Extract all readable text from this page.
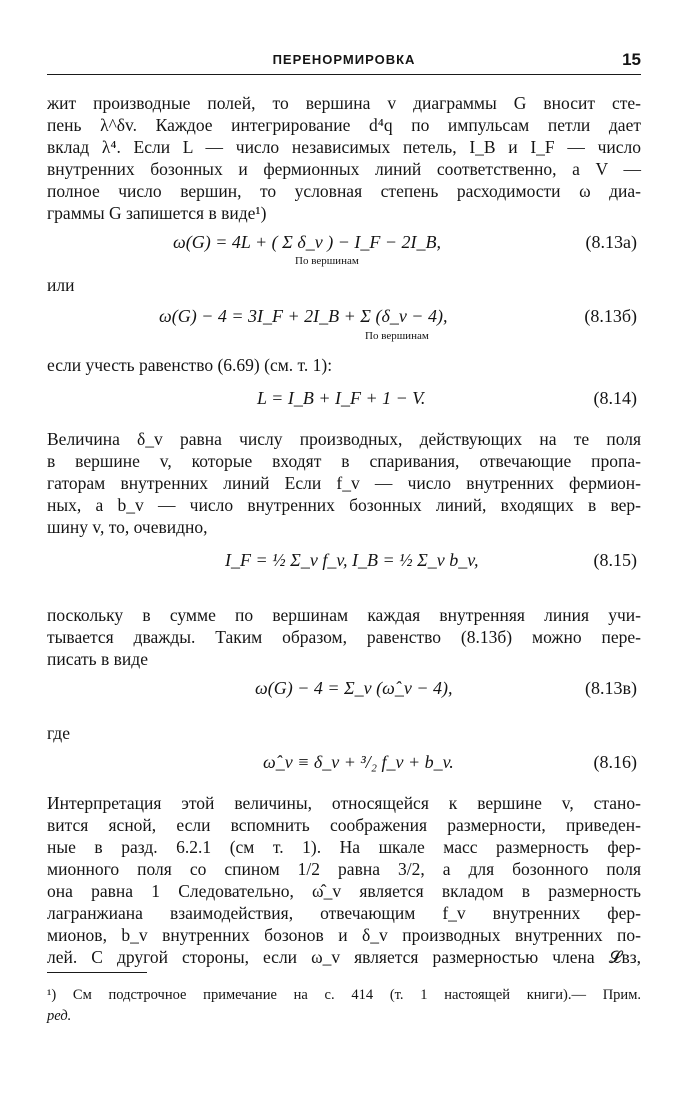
ПЕРЕНОРМИРОВКА	15
жит производные полей, то вершина v диаграммы G вносит сте-
пень λ^δv. Каждое интегрирование d⁴q по импульсам петли дает
вклад λ⁴. Если L — число независимых петель, I_B и I_F — число
внутренних бозонных и фермионных линий соответственно, а V —
полное число вершин, то условная степень расходимости ω диа-
граммы G запишется в виде¹)
ω(G) = 4L + ( Σ δ_v ) − I_F − 2I_B,
По вершинам
(8.13а)
или
ω(G) − 4 = 3I_F + 2I_B + Σ (δ_v − 4),
По вершинам
(8.13б)
если учесть равенство (6.69) (см. т. 1):
L = I_B + I_F + 1 − V.	(8.14)
Величина δ_v равна числу производных, действующих на те поля
в вершине v, которые входят в спаривания, отвечающие пропа-
гаторам внутренних линий Если f_v — число внутренних фермион-
ных, а b_v — число внутренних бозонных линий, входящих в вер-
шину v, то, очевидно,
I_F = ½ Σ_v f_v, I_B = ½ Σ_v b_v,	(8.15)
поскольку в сумме по вершинам каждая внутренняя линия учи-
тывается дважды. Таким образом, равенство (8.13б) можно пере-
писать в виде
ω(G) − 4 = Σ_v (ω̂_v − 4),	(8.13в)
где
ω̂_v ≡ δ_v + ³/₂ f_v + b_v.	(8.16)
Интерпретация этой величины, относящейся к вершине v, стано-
вится ясной, если вспомнить соображения размерности, приведен-
ные в разд. 6.2.1 (см т. 1). На шкале масс размерность фер-
мионного поля со спином 1/2 равна 3/2, а для бозонного поля
она равна 1 Следовательно, ω̂_v является вкладом в размерность
лагранжиана взаимодействия, отвечающим f_v внутренних фер-
мионов, b_v внутренних бозонов и δ_v производных внутренних по-
лей. С другой стороны, если ω_v является размерностью члена 𝓛вз,
¹) См подстрочное примечание на с. 414 (т. 1 настоящей книги).— Прим.
ред.
